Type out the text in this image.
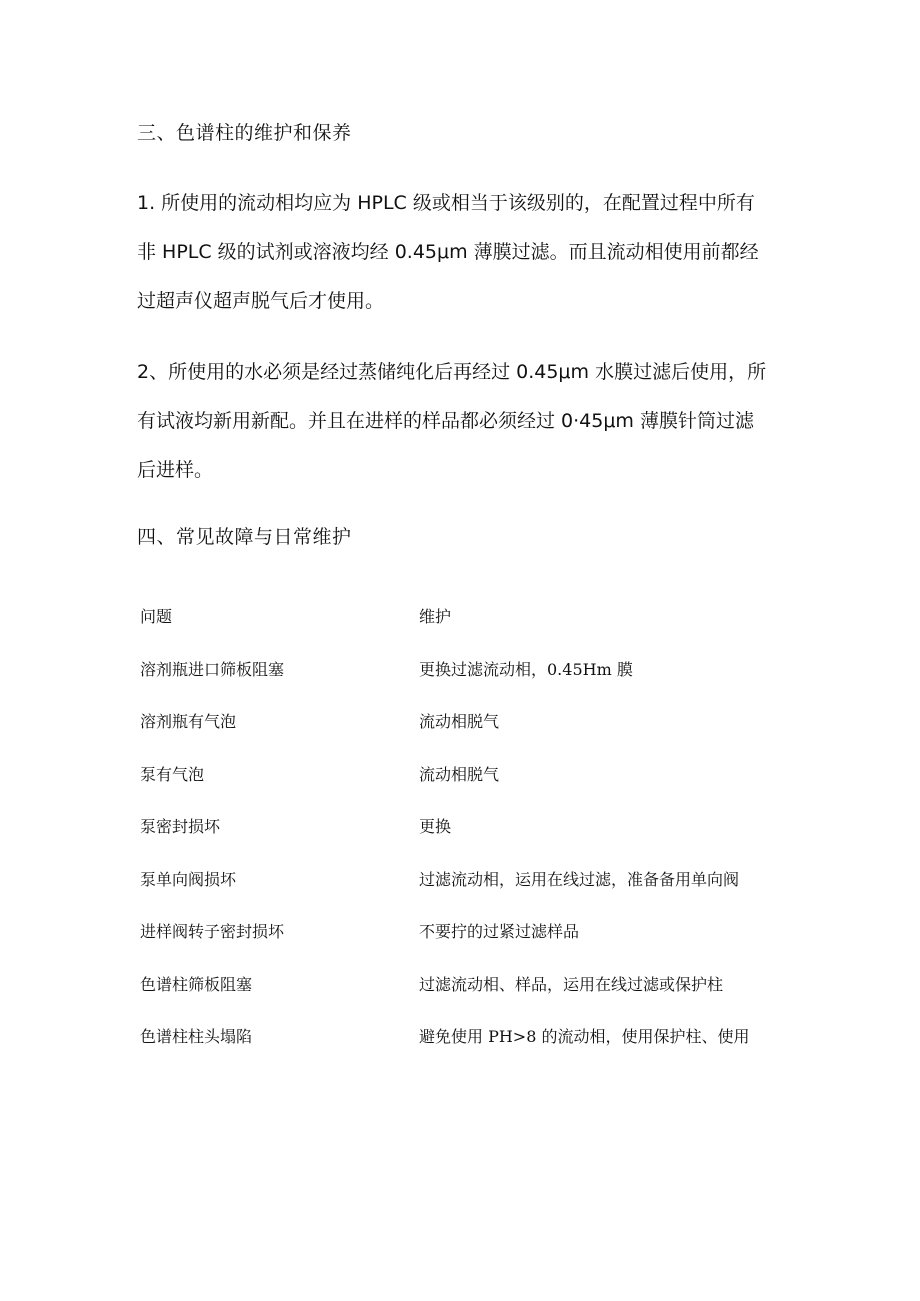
三、色谱柱的维护和保养
1. 所使用的流动相均应为 HPLC 级或相当于该级别的，在配置过程中所有
非 HPLC 级的试剂或溶液均经 0.45μm 薄膜过滤。而且流动相使用前都经
过超声仪超声脱气后才使用。
2、所使用的水必须是经过蒸储纯化后再经过 0.45μm 水膜过滤后使用，所
有试液均新用新配。并且在进样的样品都必须经过 0·45μm 薄膜针筒过滤
后进样。
四、常见故障与日常维护
问题	维护
溶剂瓶进口筛板阻塞	更换过滤流动相，0.45Hm 膜
溶剂瓶有气泡	流动相脱气
泵有气泡	流动相脱气
泵密封损坏	更换
泵单向阀损坏	过滤流动相，运用在线过滤，准备备用单向阀
进样阀转子密封损坏	不要拧的过紧过滤样品
色谱柱筛板阻塞	过滤流动相、样品，运用在线过滤或保护柱
色谱柱柱头塌陷	避免使用 PH>8 的流动相，使用保护柱、使用
